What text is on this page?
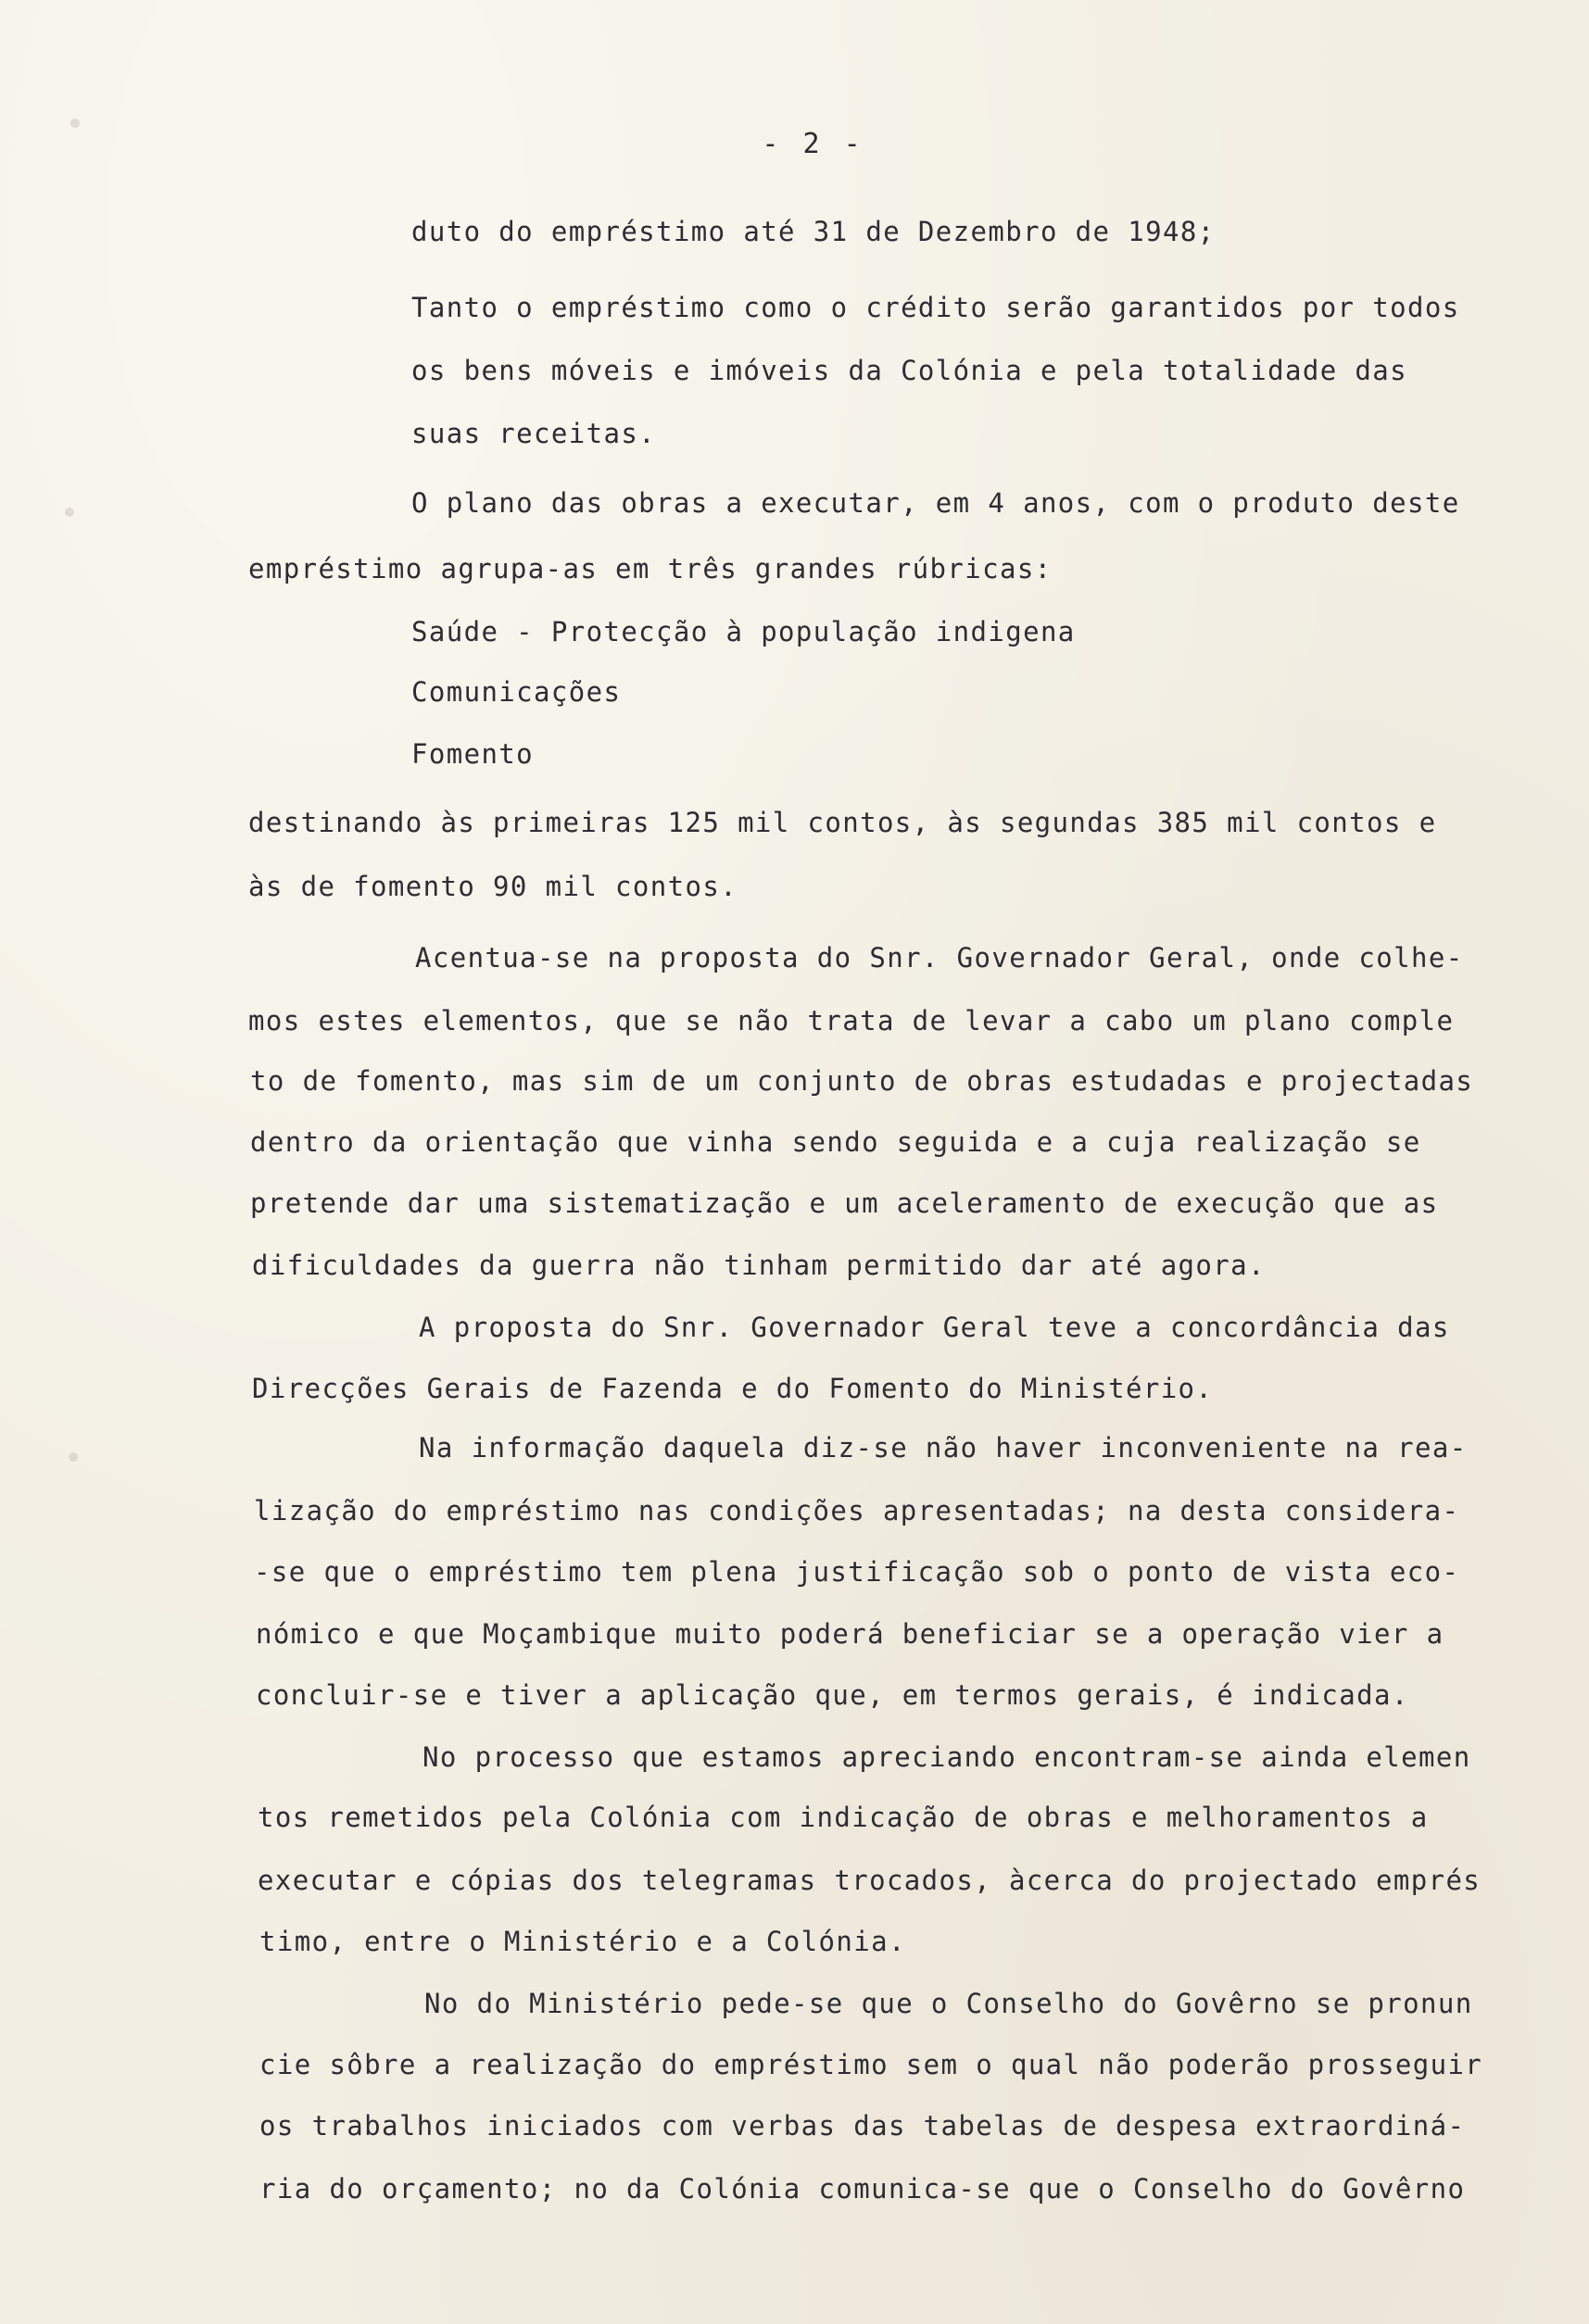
- 2 -
duto do empréstimo até 31 de Dezembro de 1948;
Tanto o empréstimo como o crédito serão garantidos por todos
os bens móveis e imóveis da Colónia e pela totalidade das
suas receitas.
O plano das obras a executar, em 4 anos, com o produto deste
empréstimo agrupa-as em três grandes rúbricas:
Saúde - Protecção à população indigena
Comunicações
Fomento
destinando às primeiras 125 mil contos, às segundas 385 mil contos e
às de fomento 90 mil contos.
Acentua-se na proposta do Snr. Governador Geral, onde colhe-
mos estes elementos, que se não trata de levar a cabo um plano comple
to de fomento, mas sim de um conjunto de obras estudadas e projectadas
dentro da orientação que vinha sendo seguida e a cuja realização se
pretende dar uma sistematização e um aceleramento de execução que as
dificuldades da guerra não tinham permitido dar até agora.
A proposta do Snr. Governador Geral teve a concordância das
Direcções Gerais de Fazenda e do Fomento do Ministério.
Na informação daquela diz-se não haver inconveniente na rea-
lização do empréstimo nas condições apresentadas; na desta considera-
-se que o empréstimo tem plena justificação sob o ponto de vista eco-
nómico e que Moçambique muito poderá beneficiar se a operação vier a
concluir-se e tiver a aplicação que, em termos gerais, é indicada.
No processo que estamos apreciando encontram-se ainda elemen
tos remetidos pela Colónia com indicação de obras e melhoramentos a
executar e cópias dos telegramas trocados, àcerca do projectado emprés
timo, entre o Ministério e a Colónia.
No do Ministério pede-se que o Conselho do Govêrno se pronun
cie sôbre a realização do empréstimo sem o qual não poderão prosseguir
os trabalhos iniciados com verbas das tabelas de despesa extraordiná-
ria do orçamento; no da Colónia comunica-se que o Conselho do Govêrno
